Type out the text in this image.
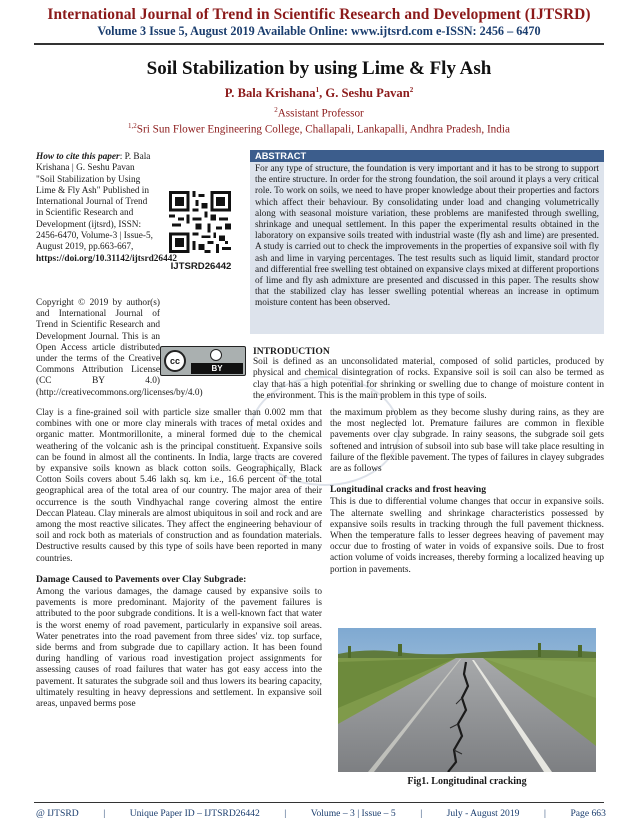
International Journal of Trend in Scientific Research and Development (IJTSRD)
Volume 3 Issue 5, August 2019 Available Online: www.ijtsrd.com e-ISSN: 2456 – 6470
Soil Stabilization by using Lime & Fly Ash
P. Bala Krishana$^1$, G. Seshu Pavan$^2$
$^2$Assistant Professor
$^{1,2}$Sri Sun Flower Engineering College, Challapali, Lankapalli, Andhra Pradesh, India
How to cite this paper: P. Bala Krishana | G. Seshu Pavan "Soil Stabilization by Using Lime & Fly Ash" Published in International Journal of Trend in Scientific Research and Development (ijtsrd), ISSN: 2456-6470, Volume-3 | Issue-5, August 2019, pp.663-667,
https://doi.org/10.31142/ijtsrd26442
IJTSRD26442
ABSTRACT
For any type of structure, the foundation is very important and it has to be strong to support the entire structure. In order for the strong foundation, the soil around it plays a very critical role. To work on soils, we need to have proper knowledge about their properties and factors which affect their behaviour. By consolidating under load and changing volumetrically along with seasonal moisture variation, these problems are manifested through swelling, shrinkage and unequal settlement. In this paper the experimental results obtained in the laboratory on expansive soils treated with industrial waste (fly ash and lime) are presented. A study is carried out to check the improvements in the properties of expansive soil with fly ash and lime in varying percentages. The test results such as liquid limit, standard proctor and differential free swelling test obtained on expansive clays mixed at different proportions of lime and fly ash admixture are presented and discussed in this paper. The results show that the stabilized clay has lesser swelling potential whereas an increase in optimum moisture content has been observed.

Copyright © 2019 by author(s) and International Journal of Trend in Scientific Research and Development Journal. This is an Open Access article distributed under the terms of the Creative Commons Attribution License (CC BY 4.0) (http://creativecommons.org/licenses/by/4.0)

cc
BY
INTRODUCTION

Soil is defined as an unconsolidated material, composed of solid particles, produced by physical and chemical disintegration of rocks. Expansive soil is soil can also be termed as clay that has a high potential for shrinking or swelling due to change of moisture content in the environment. This is the main problem in this type of soils.

Clay is a fine-grained soil with particle size smaller than 0.002 mm that combines with one or more clay minerals with traces of metal oxides and organic matter. Montmorillonite, a mineral formed due to the chemical weathering of the volcanic ash is the principal constituent. Expansive soils can be found in almost all the continents. In India, large tracts are covered by expansive soils known as black cotton soils. Geographically, Black Cotton Soils covers about 5.46 lakh sq. km i.e., 16.6 percent of the total geographical area of the total area of our country. The major area of their occurrence is the south Vindhyachal range covering almost the entire Deccan Plateau. Clay minerals are almost ubiquitous in soil and rock and are among the most reactive silicates. They affect the engineering behaviour of soil and rock both as materials of construction and as foundation materials. Destructive results caused by this type of soils have been reported in many countries.

Damage Caused to Pavements over Clay Subgrade:

Among the various damages, the damage caused by expansive soils to pavements is more predominant. Majority of the pavement failures is attributed to the poor subgrade conditions. It is a well-known fact that water is the worst enemy of road pavement, particularly in expansive soil areas. Water penetrates into the road pavement from three sides' viz. top surface, side berms and from subgrade due to capillary action. It has been found during handling of various road investigation project assignments for assessing causes of road failures that water has got easy access into the pavement. It saturates the subgrade soil and thus lowers its bearing capacity, ultimately resulting in heavy depressions and settlement. In expansive soil areas, unpaved berms pose

the maximum problem as they become slushy during rains, as they are the most neglected lot. Premature failures are common in flexible pavements over clay subgrade. In rainy seasons, the subgrade soil gets softened and intrusion of subsoil into sub base will take place resulting in failure of the flexible pavement. The types of failures in clayey subgrades are as follows

Longitudinal cracks and frost heaving

This is due to differential volume changes that occur in expansive soils. The alternate swelling and shrinkage characteristics possessed by expansive soils results in tracking through the full pavement thickness. When the temperature falls to lesser degrees heaving of pavement may occur due to frosting of water in voids of expansive soils. Due to frost action volume of voids increases, thereby forming a localized heaving up portion in pavements.

Fig1. Longitudinal cracking
@ IJTSRD	|	Unique Paper ID – IJTSRD26442	|	Volume – 3 | Issue – 5	|	July - August 2019	|	Page 663
